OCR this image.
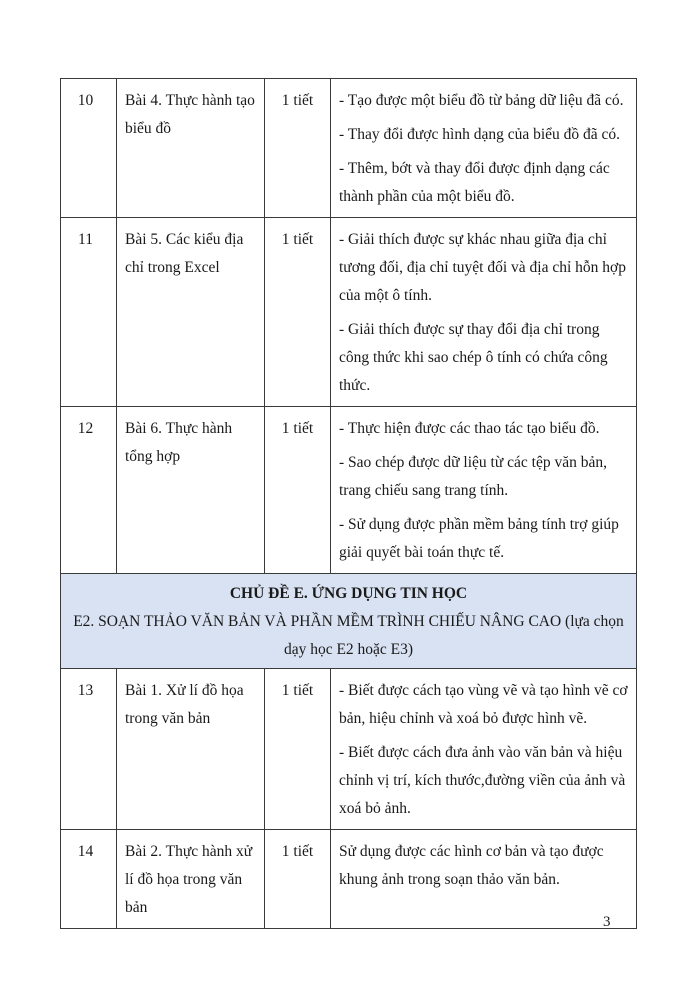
10	Bài 4. Thực hành tạo biểu đồ	1 tiết	- Tạo được một biểu đồ từ bảng dữ liệu đã có.

- Thay đổi được hình dạng của biểu đồ đã có.

- Thêm, bớt và thay đổi được định dạng các thành phần của một biểu đồ.

11	Bài 5. Các kiểu địa chỉ trong Excel	1 tiết	- Giải thích được sự khác nhau giữa địa chỉ tương đối, địa chỉ tuyệt đối và địa chỉ hỗn hợp của một ô tính.

- Giải thích được sự thay đổi địa chỉ trong công thức khi sao chép ô tính có chứa công thức.

12	Bài 6. Thực hành tổng hợp	1 tiết	- Thực hiện được các thao tác tạo biểu đồ.

- Sao chép được dữ liệu từ các tệp văn bản, trang chiếu sang trang tính.

- Sử dụng được phần mềm bảng tính trợ giúp giải quyết bài toán thực tế.

CHỦ ĐỀ E. ỨNG DỤNG TIN HỌC
E2. SOẠN THẢO VĂN BẢN VÀ PHẦN MỀM TRÌNH CHIẾU NÂNG CAO (lựa chọn dạy học E2 hoặc E3)			

13	Bài 1. Xử lí đồ họa trong văn bản	1 tiết	- Biết được cách tạo vùng vẽ và tạo hình vẽ cơ bản, hiệu chỉnh và xoá bỏ được hình vẽ.

- Biết được cách đưa ảnh vào văn bản và hiệu chỉnh vị trí, kích thước,đường viền của ảnh và xoá bỏ ảnh.

14	Bài 2. Thực hành xử lí đồ họa trong văn bản	1 tiết	Sử dụng được các hình cơ bản và tạo được khung ảnh trong soạn thảo văn bản.

3
